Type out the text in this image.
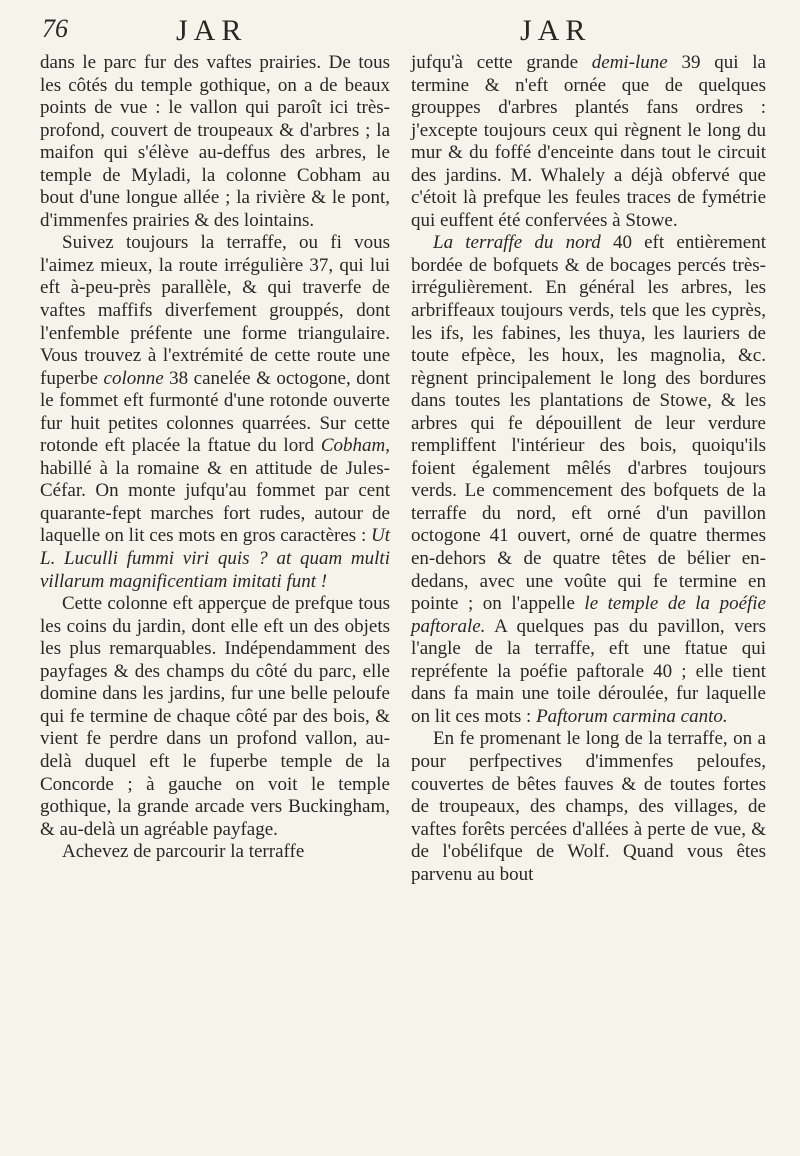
76	JAR	JAR

dans le parc fur des vaftes prairies. De tous les côtés du temple gothique, on a de beaux points de vue : le vallon qui paroît ici très-profond, couvert de troupeaux & d'arbres ; la maifon qui s'élève au-deffus des arbres, le temple de Myladi, la colonne Cobham au bout d'une longue allée ; la rivière & le pont, d'immenfes prairies & des lointains.

Suivez toujours la terraffe, ou fi vous l'aimez mieux, la route irrégulière 37, qui lui eft à-peu-près parallèle, & qui traverfe de vaftes maffifs diverfement grouppés, dont l'enfemble préfente une forme triangulaire. Vous trouvez à l'extrémité de cette route une fuperbe colonne 38 canelée & octogone, dont le fommet eft furmonté d'une rotonde ouverte fur huit petites colonnes quarrées. Sur cette rotonde eft placée la ftatue du lord Cobham, habillé à la romaine & en attitude de Jules-Céfar. On monte jufqu'au fommet par cent quarante-fept marches fort rudes, autour de laquelle on lit ces mots en gros caractères : Ut L. Luculli fummi viri quis ? at quam multi villarum magnificentiam imitati funt !

Cette colonne eft apperçue de prefque tous les coins du jardin, dont elle eft un des objets les plus remarquables. Indépendamment des payfages & des champs du côté du parc, elle domine dans les jardins, fur une belle peloufe qui fe termine de chaque côté par des bois, & vient fe perdre dans un profond vallon, au-delà duquel eft le fuperbe temple de la Concorde ; à gauche on voit le temple gothique, la grande arcade vers Buckingham, & au-delà un agréable payfage.

Achevez de parcourir la terraffe

jufqu'à cette grande demi-lune 39 qui la termine & n'eft ornée que de quelques grouppes d'arbres plantés fans ordres : j'excepte toujours ceux qui règnent le long du mur & du foffé d'enceinte dans tout le circuit des jardins. M. Whalely a déjà obfervé que c'étoit là prefque les feules traces de fymétrie qui euffent été confervées à Stowe.

La terraffe du nord 40 eft entièrement bordée de bofquets & de bocages percés très-irrégulièrement. En général les arbres, les arbriffeaux toujours verds, tels que les cyprès, les ifs, les fabines, les thuya, les lauriers de toute efpèce, les houx, les magnolia, &c. règnent principalement le long des bordures dans toutes les plantations de Stowe, & les arbres qui fe dépouillent de leur verdure rempliffent l'intérieur des bois, quoiqu'ils foient également mêlés d'arbres toujours verds. Le commencement des bofquets de la terraffe du nord, eft orné d'un pavillon octogone 41 ouvert, orné de quatre thermes en-dehors & de quatre têtes de bélier en-dedans, avec une voûte qui fe termine en pointe ; on l'appelle le temple de la poéfie paftorale. A quelques pas du pavillon, vers l'angle de la terraffe, eft une ftatue qui repréfente la poéfie paftorale 40 ; elle tient dans fa main une toile déroulée, fur laquelle on lit ces mots : Paftorum carmina canto.

En fe promenant le long de la terraffe, on a pour perfpectives d'immenfes peloufes, couvertes de bêtes fauves & de toutes fortes de troupeaux, des champs, des villages, de vaftes forêts percées d'allées à perte de vue, & de l'obélifque de Wolf. Quand vous êtes parvenu au bout
